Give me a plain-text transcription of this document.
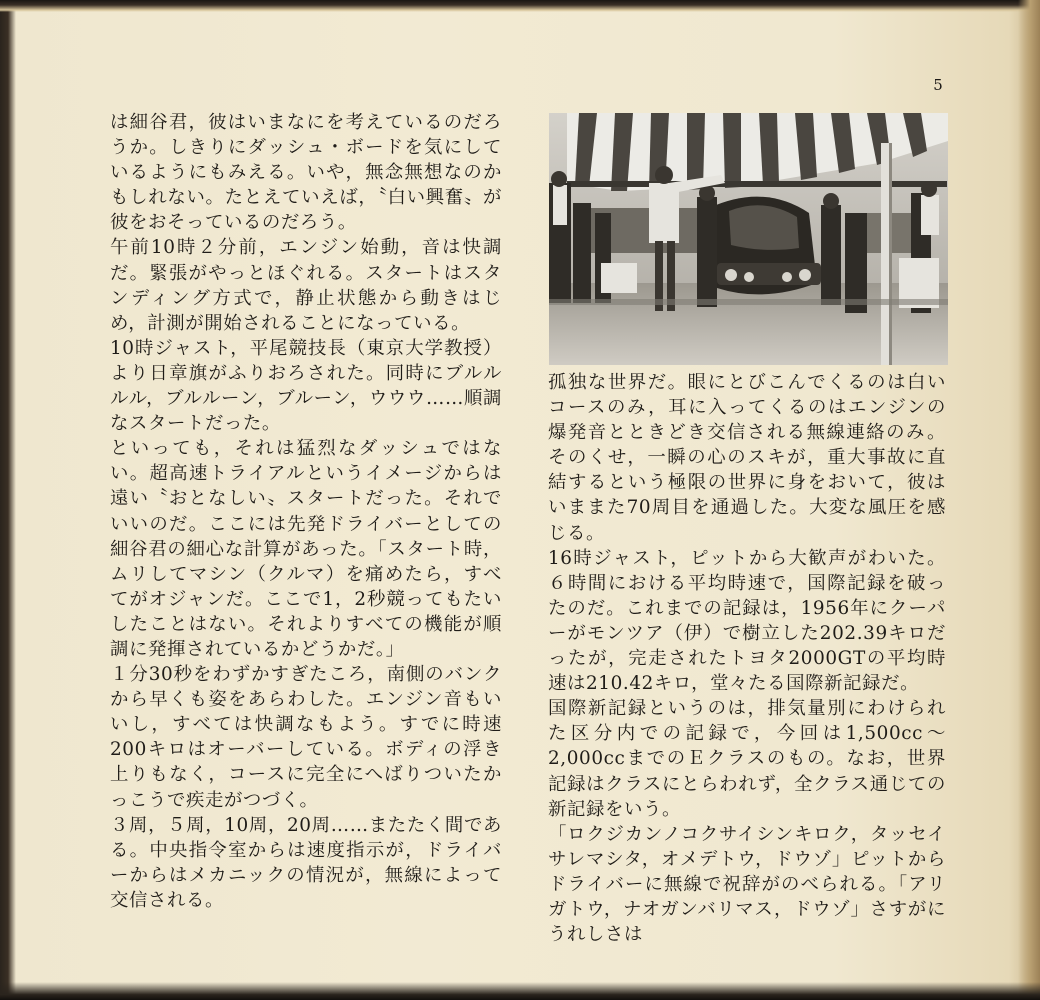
5

は細谷君，彼はいまなにを考えているのだろうか。しきりにダッシュ・ボードを気にしているようにもみえる。いや，無念無想なのかもしれない。たとえていえば，〝白い興奮〟が彼をおそっているのだろう。

午前10時２分前，エンジン始動，音は快調だ。緊張がやっとほぐれる。スタートはスタンディング方式で，静止状態から動きはじめ，計測が開始されることになっている。

10時ジャスト，平尾競技長（東京大学教授）より日章旗がふりおろされた。同時にブルルルル，ブルルーン，ブルーン，ウウウ……順調なスタートだった。

といっても，それは猛烈なダッシュではない。超高速トライアルというイメージからは遠い〝おとなしい〟スタートだった。それでいいのだ。ここには先発ドライバーとしての細谷君の細心な計算があった。「スタート時，ムリしてマシン（クルマ）を痛めたら，すべてがオジャンだ。ここで1，2秒競ってもたいしたことはない。それよりすべての機能が順調に発揮されているかどうかだ。」

１分30秒をわずかすぎたころ，南側のバンクから早くも姿をあらわした。エンジン音もいいし，すべては快調なもよう。すでに時速200キロはオーバーしている。ボディの浮き上りもなく，コースに完全にへばりついたかっこうで疾走がつづく。

３周，５周，10周，20周……またたく間である。中央指令室からは速度指示が，ドライバーからはメカニックの情況が，無線によって交信される。

孤独な世界だ。眼にとびこんでくるのは白いコースのみ，耳に入ってくるのはエンジンの爆発音とときどき交信される無線連絡のみ。そのくせ，一瞬の心のスキが，重大事故に直結するという極限の世界に身をおいて，彼はいままた70周目を通過した。大変な風圧を感じる。

16時ジャスト，ピットから大歓声がわいた。６時間における平均時速で，国際記録を破ったのだ。これまでの記録は，1956年にクーパーがモンツア（伊）で樹立した202.39キロだったが，完走されたトヨタ2000GTの平均時速は210.42キロ，堂々たる国際新記録だ。

国際新記録というのは，排気量別にわけられた区分内での記録で，今回は1,500cc～2,000ccまでのＥクラスのもの。なお，世界記録はクラスにとらわれず，全クラス通じての新記録をいう。

「ロクジカンノコクサイシンキロク，タッセイサレマシタ，オメデトウ，ドウゾ」ピットからドライバーに無線で祝辞がのべられる。「アリガトウ，ナオガンバリマス，ドウゾ」さすがにうれしさは
